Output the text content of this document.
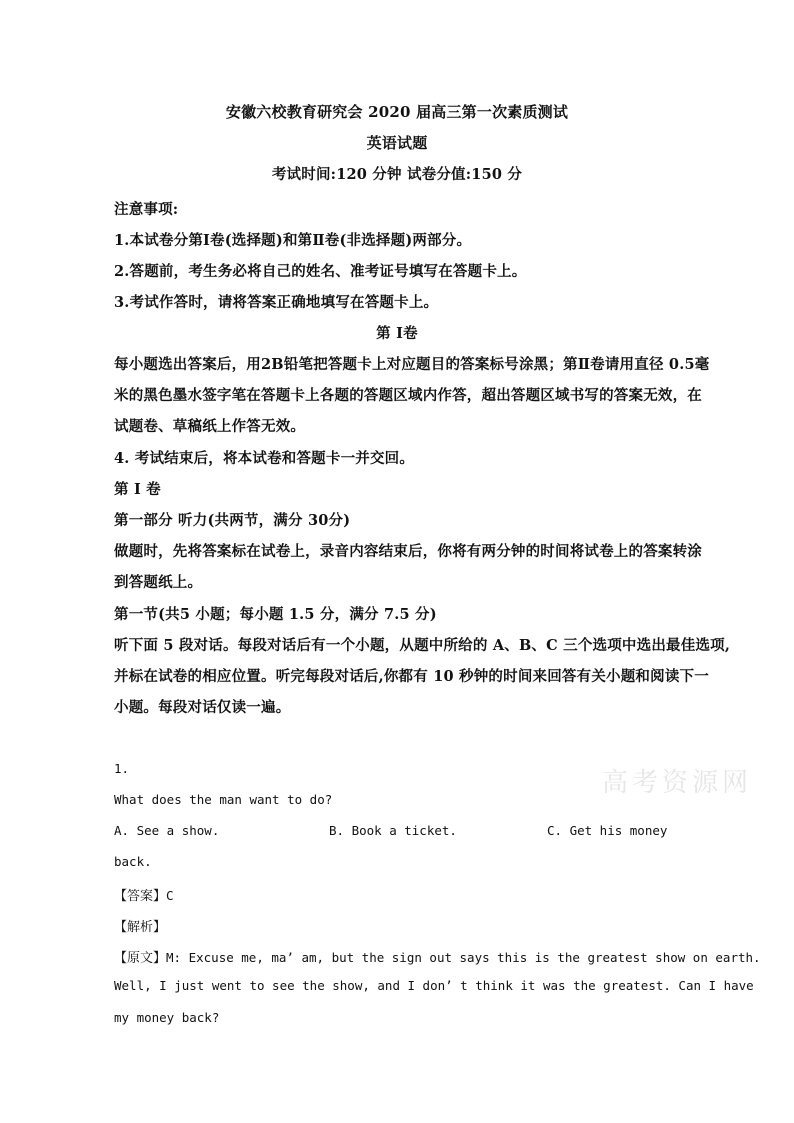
安徽六校教育研究会 2020 届高三第一次素质测试
英语试题
考试时间:120 分钟 试卷分值:150 分
注意事项:
1.本试卷分第Ⅰ卷(选择题)和第Ⅱ卷(非选择题)两部分。
2.答题前，考生务必将自己的姓名、准考证号填写在答题卡上。
3.考试作答时，请将答案正确地填写在答题卡上。
第 Ⅰ卷
每小题选出答案后，用2B铅笔把答题卡上对应题目的答案标号涂黑；第Ⅱ卷请用直径 0.5毫
米的黑色墨水签字笔在答题卡上各题的答题区域内作答，超出答题区域书写的答案无效，在
试题卷、草稿纸上作答无效。
4. 考试结束后，将本试卷和答题卡一并交回。
第 I 卷
第一部分 听力(共两节，满分 30分)
做题时，先将答案标在试卷上，录音内容结束后，你将有两分钟的时间将试卷上的答案转涂
到答题纸上。
第一节(共5 小题；每小题 1.5 分，满分 7.5 分)
听下面 5 段对话。每段对话后有一个小题，从题中所给的 A、B、C 三个选项中选出最佳选项,
并标在试卷的相应位置。听完每段对话后,你都有 10 秒钟的时间来回答有关小题和阅读下一
小题。每段对话仅读一遍。
高考资源网
1.
What does the man want to do?
A. See a show.	B. Book a ticket.	C. Get his money
back.
【答案】C
【解析】
【原文】M: Excuse me, ma’ am, but the sign out says this is the greatest show on earth.
Well, I just went to see the show, and I don’ t think it was the greatest. Can I have
my money back?
